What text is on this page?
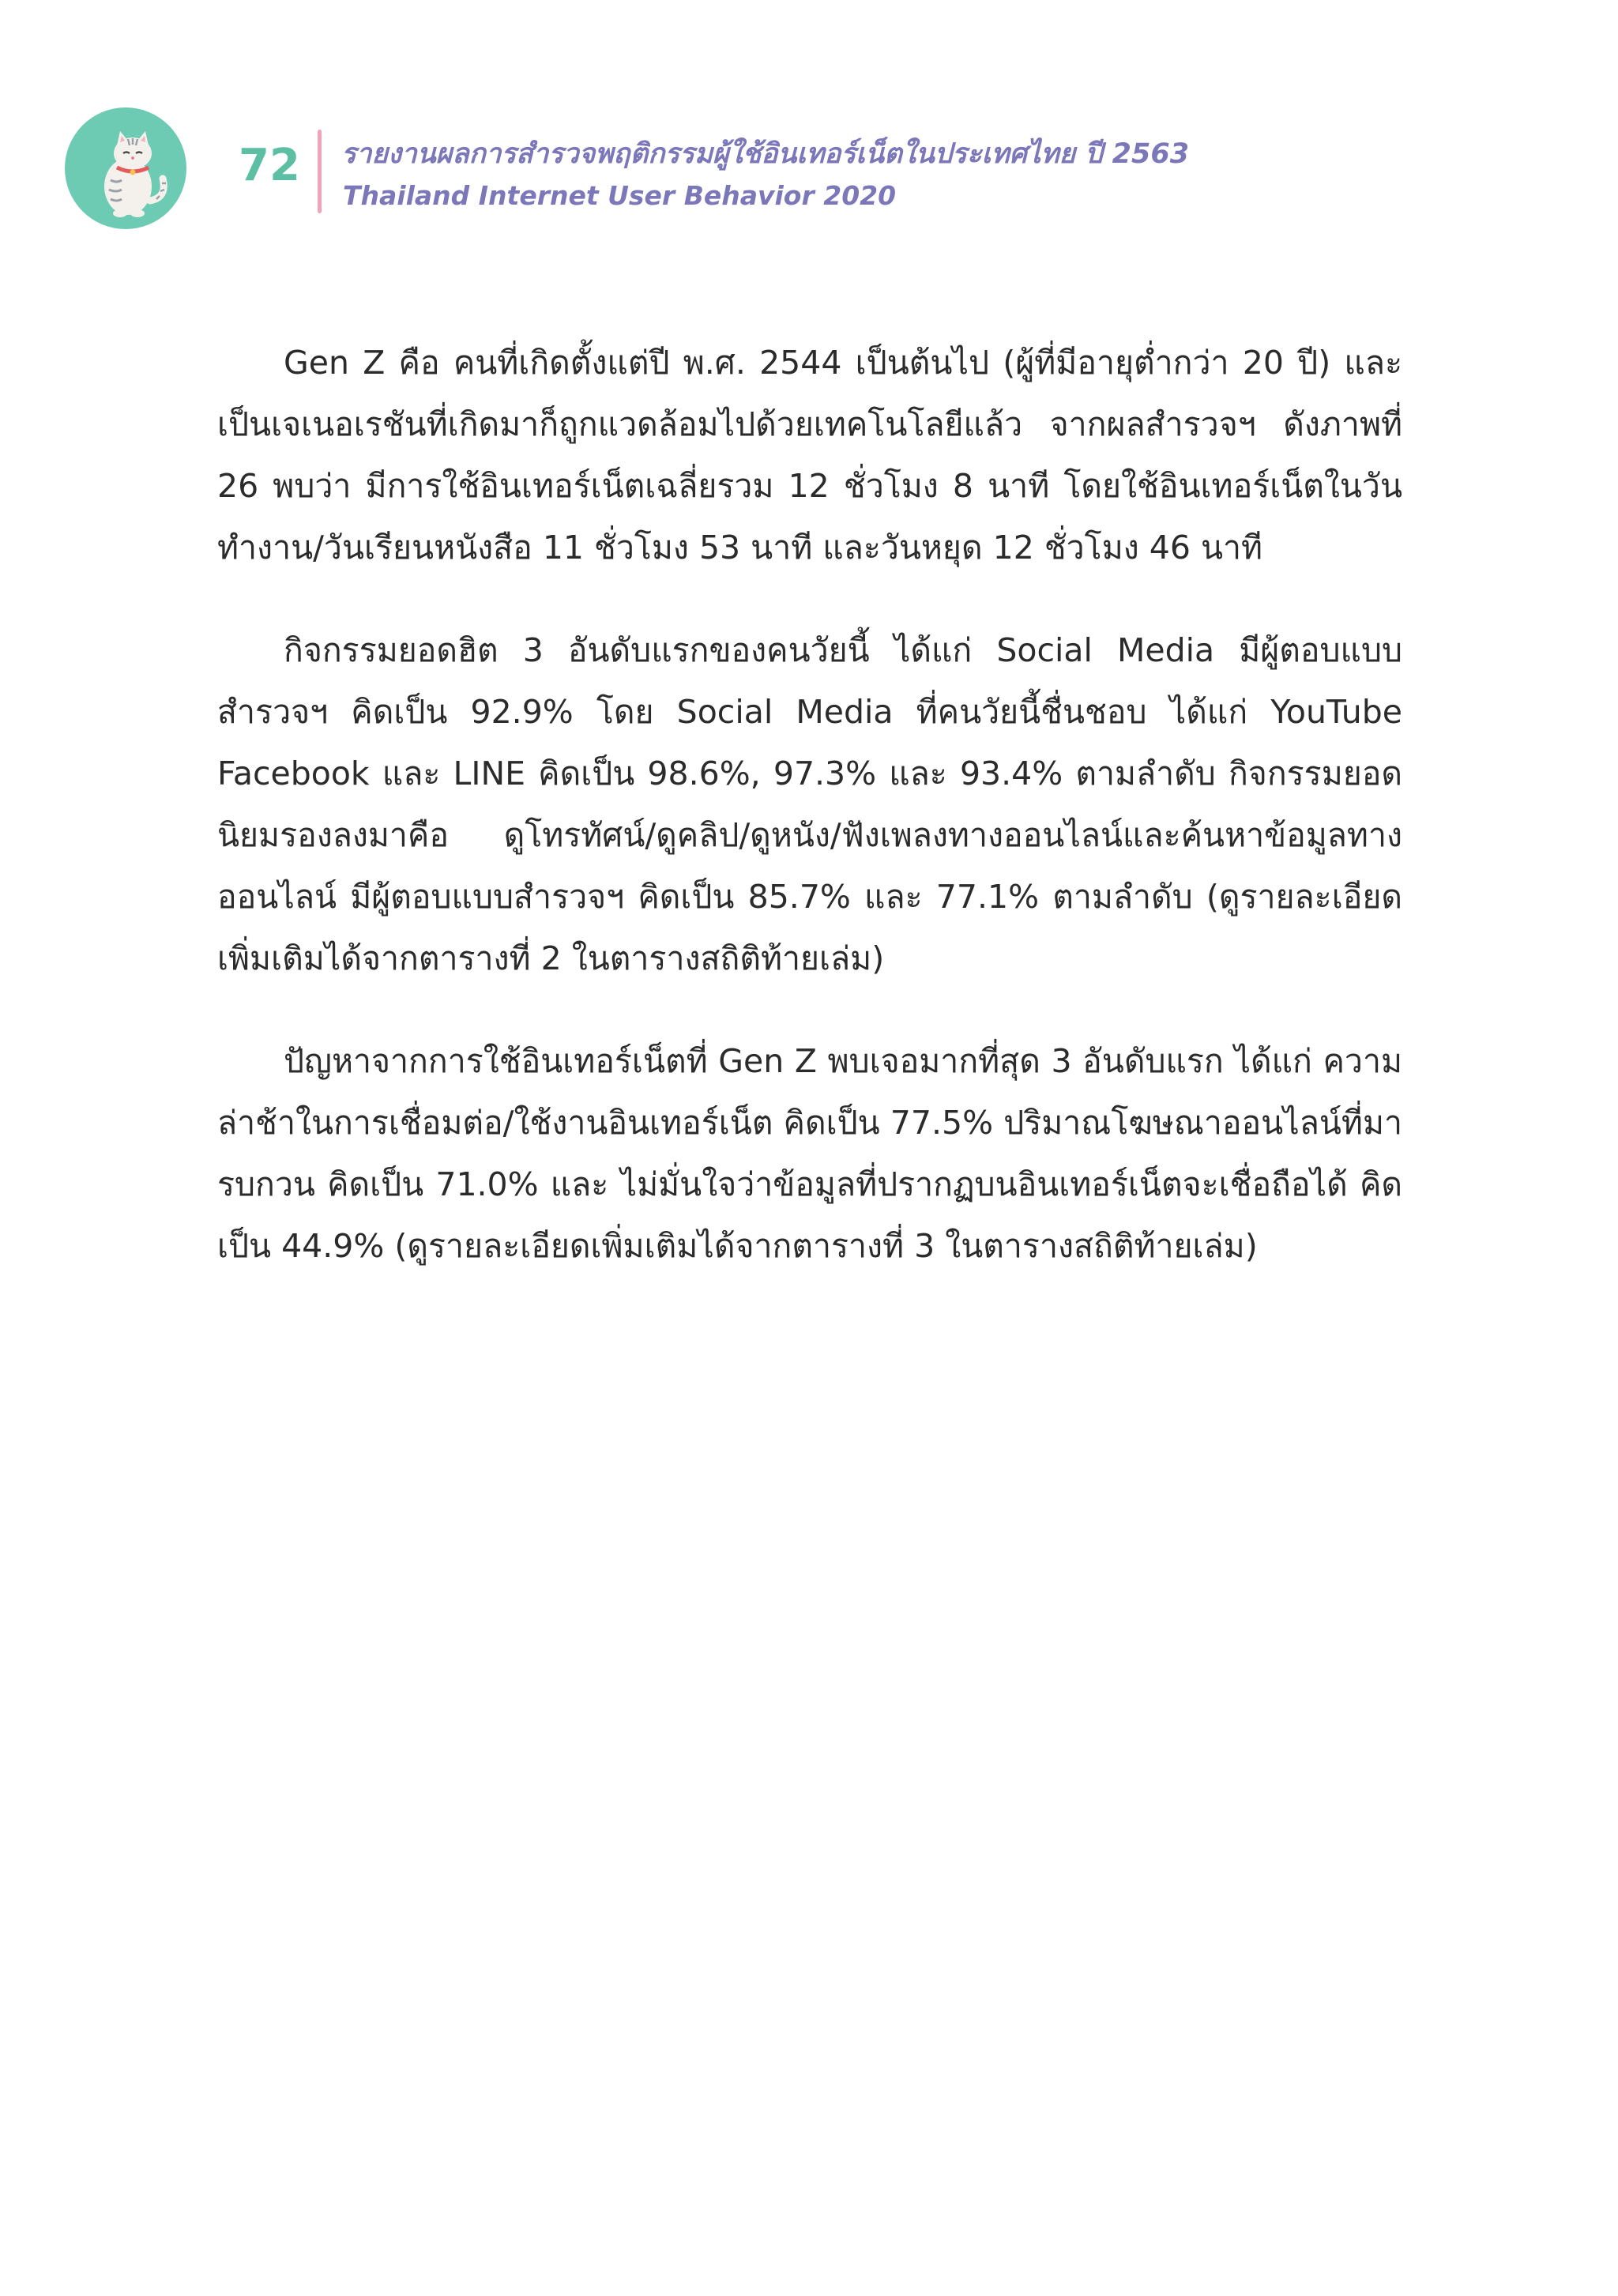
72 รายงานผลการสำรวจพฤติกรรมผู้ใช้อินเทอร์เน็ตในประเทศไทย ปี 2563
Thailand Internet User Behavior 2020

Gen Z คือ คนที่เกิดตั้งแต่ปี พ.ศ. 2544 เป็นต้นไป (ผู้ที่มีอายุต่ำกว่า 20 ปี) และเป็นเจเนอเรชันที่เกิดมาก็ถูกแวดล้อมไปด้วยเทคโนโลยีแล้ว จากผลสำรวจฯ ดังภาพที่ 26 พบว่า มีการใช้อินเทอร์เน็ตเฉลี่ยรวม 12 ชั่วโมง 8 นาที โดยใช้อินเทอร์เน็ตในวันทำงาน/วันเรียนหนังสือ 11 ชั่วโมง 53 นาที และวันหยุด 12 ชั่วโมง 46 นาที

กิจกรรมยอดฮิต 3 อันดับแรกของคนวัยนี้ ได้แก่ Social Media มีผู้ตอบแบบสำรวจฯ คิดเป็น 92.9% โดย Social Media ที่คนวัยนี้ชื่นชอบ ได้แก่ YouTube Facebook และ LINE คิดเป็น 98.6%, 97.3% และ 93.4% ตามลำดับ กิจกรรมยอดนิยมรองลงมาคือ ดูโทรทัศน์/ดูคลิป/ดูหนัง/ฟังเพลงทางออนไลน์และค้นหาข้อมูลทางออนไลน์ มีผู้ตอบแบบสำรวจฯ คิดเป็น 85.7% และ 77.1% ตามลำดับ (ดูรายละเอียดเพิ่มเติมได้จากตารางที่ 2 ในตารางสถิติท้ายเล่ม)

ปัญหาจากการใช้อินเทอร์เน็ตที่ Gen Z พบเจอมากที่สุด 3 อันดับแรก ได้แก่ ความล่าช้าในการเชื่อมต่อ/ใช้งานอินเทอร์เน็ต คิดเป็น 77.5% ปริมาณโฆษณาออนไลน์ที่มารบกวน คิดเป็น 71.0% และ ไม่มั่นใจว่าข้อมูลที่ปรากฏบนอินเทอร์เน็ตจะเชื่อถือได้ คิดเป็น 44.9% (ดูรายละเอียดเพิ่มเติมได้จากตารางที่ 3 ในตารางสถิติท้ายเล่ม)
